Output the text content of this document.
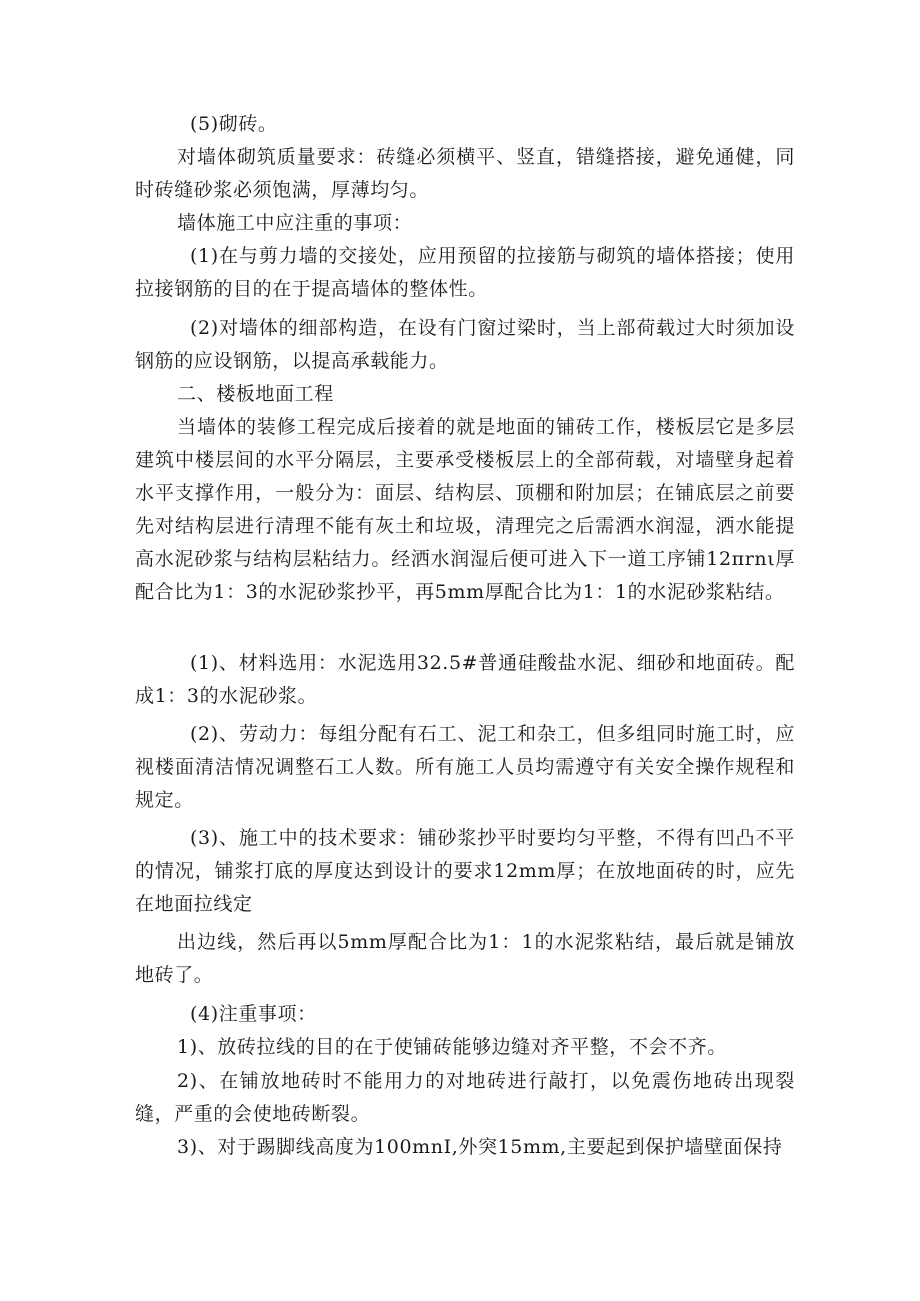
(5)砌砖。

对墙体砌筑质量要求：砖缝必须横平、竖直，错缝搭接，避免通健，同时砖缝砂浆必须饱满，厚薄均匀。

墙体施工中应注重的事项：

(1)在与剪力墙的交接处，应用预留的拉接筋与砌筑的墙体搭接；使用拉接钢筋的目的在于提高墙体的整体性。

(2)对墙体的细部构造，在设有门窗过梁时，当上部荷载过大时须加设钢筋的应设钢筋，以提高承载能力。

二、楼板地面工程

当墙体的装修工程完成后接着的就是地面的铺砖工作，楼板层它是多层建筑中楼层间的水平分隔层，主要承受楼板层上的全部荷载，对墙壁身起着水平支撑作用，一般分为：面层、结构层、顶棚和附加层；在铺底层之前要先对结构层进行清理不能有灰土和垃圾，清理完之后需洒水润湿，洒水能提高水泥砂浆与结构层粘结力。经洒水润湿后便可进入下一道工序铺12πrnι厚配合比为1：3的水泥砂浆抄平，再5mm厚配合比为1：1的水泥砂浆粘结。

(1)、材料选用：水泥选用32.5#普通硅酸盐水泥、细砂和地面砖。配成1：3的水泥砂浆。

(2)、劳动力：每组分配有石工、泥工和杂工，但多组同时施工时，应视楼面清洁情况调整石工人数。所有施工人员均需遵守有关安全操作规程和规定。

(3)、施工中的技术要求：铺砂浆抄平时要均匀平整，不得有凹凸不平的情况，铺浆打底的厚度达到设计的要求12mm厚；在放地面砖的时，应先在地面拉线定

出边线，然后再以5mm厚配合比为1：1的水泥浆粘结，最后就是铺放地砖了。

(4)注重事项：

1)、放砖拉线的目的在于使铺砖能够边缝对齐平整，不会不齐。

2)、在铺放地砖时不能用力的对地砖进行敲打，以免震伤地砖出现裂缝，严重的会使地砖断裂。

3)、对于踢脚线高度为100mnI,外突15mm,主要起到保护墙壁面保持
